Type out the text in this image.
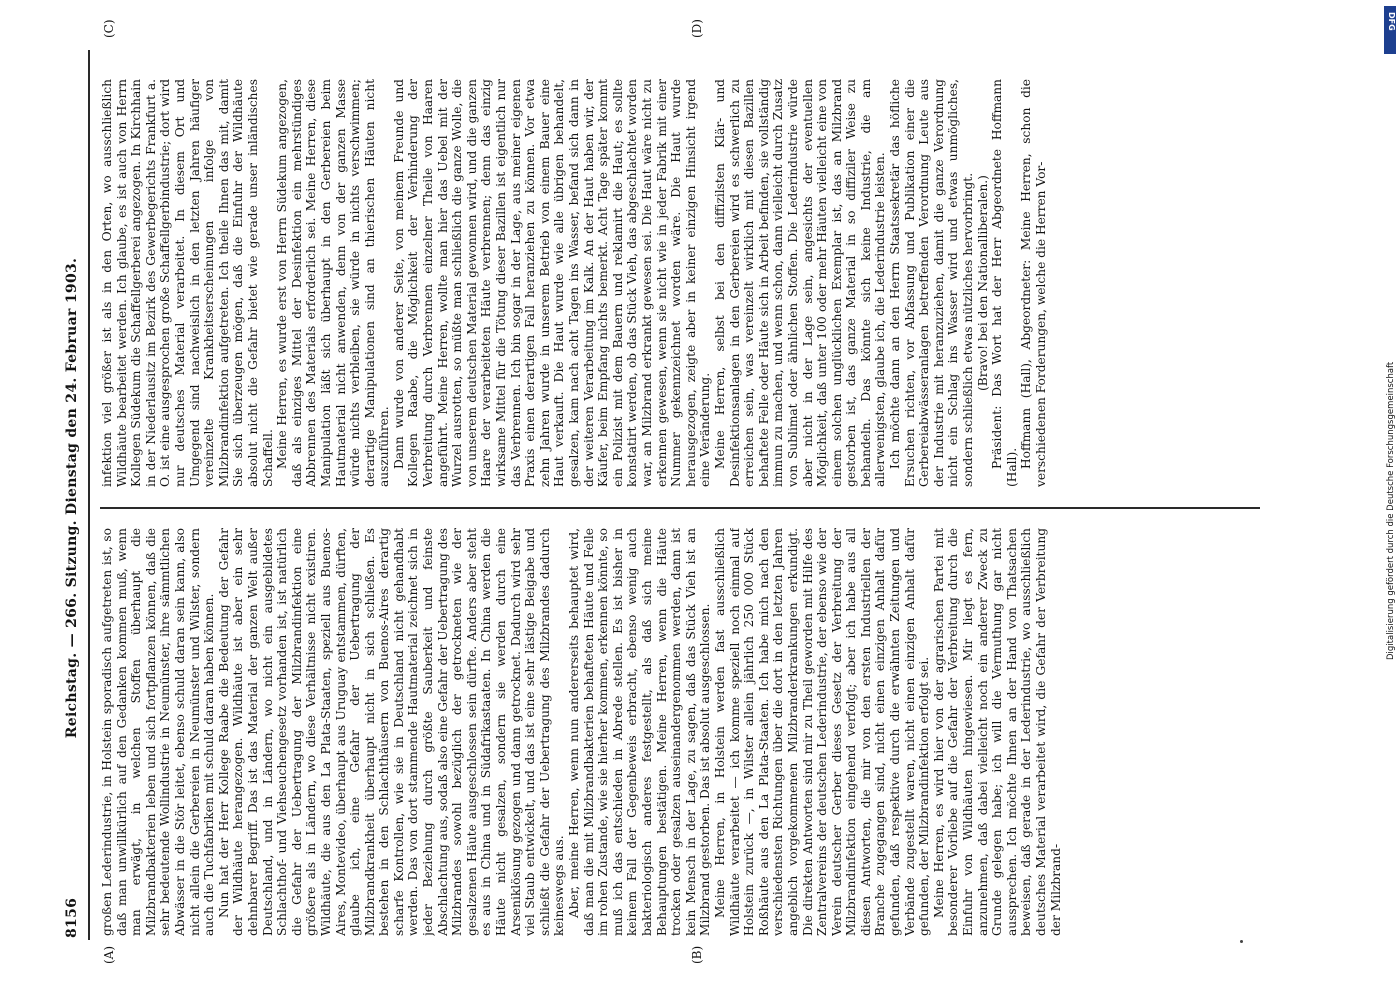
8156
Reichstag. — 266. Sitzung. Dienstag den 24. Februar 1903.
(A)	(B)
(C)	(D)

großen Lederindustrie, in Holstein sporadisch aufgetreten ist, so daß man unwillkürlich auf den Gedanken kommen muß, wenn man erwägt, in welchen Stoffen überhaupt die Milzbrandbakterien leben und sich fortpflanzen können, daß die sehr bedeutende Wollindustrie in Neumünster, ihre sämmtlichen Abwässer in die Stör leitet, ebenso schuld daran sein kann, also nicht allein die Gerbereien in Neumünster und Wilster, sondern auch die Tuchfabriken mit schuld daran haben können. Nun hat der Herr Kollege Raabe die Bedeutung der Gefahr der Wildhäute herangezogen. Wildhäute ist aber ein sehr dehnbarer Begriff. Das ist das Material der ganzen Welt außer Deutschland, und in Ländern, wo nicht ein ausgebildetes Schlachthof- und Viehseuchengesetz vorhanden ist, ist natürlich die Gefahr der Uebertragung der Milzbrandinfektion eine größere als in Ländern, wo diese Verhältnisse nicht existiren. Wildhäute, die aus den La Plata-Staaten, speziell aus Buenos-Aires, Montevideo, überhaupt aus Uruguay entstammen, dürften, glaube ich, eine Gefahr der Uebertragung der Milzbrandkrankheit überhaupt nicht in sich schließen. Es bestehen in den Schlachthäusern von Buenos-Aires derartig scharfe Kontrollen, wie sie in Deutschland nicht gehandhabt werden. Das von dort stammende Hautmaterial zeichnet sich in jeder Beziehung durch größte Sauberkeit und feinste Abschlachtung aus, sodaß also eine Gefahr der Uebertragung des Milzbrandes sowohl bezüglich der getrockneten wie der gesalzenen Häute ausgeschlossen sein dürfte. Anders aber steht es aus in China und in Südafrikastaaten. In China werden die Häute nicht gesalzen, sondern sie werden durch eine Arseniklösung gezogen und dann getrocknet. Dadurch wird sehr viel Staub entwickelt, und das ist eine sehr lästige Beigabe und schließt die Gefahr der Uebertragung des Milzbrandes dadurch keineswegs aus. Aber, meine Herren, wenn nun andererseits behauptet wird, daß man die mit Milzbrandbakterien behafteten Häute und Felle im rohen Zustande, wie sie hierher kommen, erkennen könnte, so muß ich das entschieden in Abrede stellen. Es ist bisher in keinem Fall der Gegenbeweis erbracht, ebenso wenig auch bakteriologisch anderes festgestellt, als daß sich meine Behauptungen bestätigen. Meine Herren, wenn die Häute trocken oder gesalzen auseinandergenommen werden, dann ist kein Mensch in der Lage, zu sagen, daß das Stück Vieh ist an Milzbrand gestorben. Das ist absolut ausgeschlossen. Meine Herren, in Holstein werden fast ausschließlich Wildhäute verarbeitet — ich komme speziell noch einmal auf Holstein zurück —, in Wilster allein jährlich 250 000 Stück Roßhäute aus den La Plata-Staaten. Ich habe mich nach den verschiedensten Richtungen über die dort in den letzten Jahren angeblich vorgekommenen Milzbranderkrankungen erkundigt. Die direkten Antworten sind mir zu Theil geworden mit Hilfe des Zentralvereins der deutschen Lederindustrie, der ebenso wie der Verein deutscher Gerber dieses Gesetz der Verbreitung der Milzbrandinfektion eingehend verfolgt; aber ich habe aus all diesen Antworten, die mir von den ersten Industriellen der Branche zugegangen sind, nicht einen einzigen Anhalt dafür gefunden, daß respektive durch die erwähnten Zeitungen und Verbände zugestellt waren, nicht einen einzigen Anhalt dafür gefunden, der Milzbrandinfektion erfolgt sei. Meine Herren, es wird hier von der agrarischen Partei mit besonderer Vorliebe auf die Gefahr der Verbreitung durch die Einfuhr von Wildhäuten hingewiesen. Mir liegt es fern, anzunehmen, daß dabei vielleicht noch ein anderer Zweck zu Grunde gelegen habe; ich will die Vermuthung gar nicht aussprechen. Ich möchte Ihnen an der Hand von Thatsachen beweisen, daß gerade in der Lederindustrie, wo ausschließlich deutsches Material verarbeitet wird, die Gefahr der Verbreitung der Milzbrand-

infektion viel größer ist als in den Orten, wo ausschließlich Wildhäute bearbeitet werden. Ich glaube, es ist auch von Herrn Kollegen Südekum die Schaffellgerberei angezogen. In Kirchhain in der Niederlausitz im Bezirk des Gewerbegerichts Frankfurt a. O. ist eine ausgesprochen große Schaffellgerbindustrie; dort wird nur deutsches Material verarbeitet. In diesem Ort und Umgegend sind nachweislich in den letzten Jahren häufiger vereinzelte Krankheitserscheinungen infolge von Milzbrandinfektion aufgetreten. Ich theile Ihnen das mit, damit Sie sich überzeugen mögen, daß die Einfuhr der Wildhäute absolut nicht die Gefahr bietet wie gerade unser inländisches Schaffell. Meine Herren, es wurde erst von Herrn Südekum angezogen, daß als einziges Mittel der Desinfektion ein mehrstündiges Abbrennen des Materials erforderlich sei. Meine Herren, diese Manipulation läßt sich überhaupt in den Gerbereien beim Hautmaterial nicht anwenden, denn von der ganzen Masse würde nichts verbleiben, sie würde in nichts verschwimmen; derartige Manipulationen sind an thierischen Häuten nicht auszuführen. Dann wurde von anderer Seite, von meinem Freunde und Kollegen Raabe, die Möglichkeit der Verhinderung der Verbreitung durch Verbrennen einzelner Theile von Haaren angeführt. Meine Herren, wollte man hier das Uebel mit der Wurzel ausrotten, so müßte man schließlich die ganze Wolle, die von unserem deutschen Material gewonnen wird, und die ganzen Haare der verarbeiteten Häute verbrennen; denn das einzig wirksame Mittel für die Tötung dieser Bazillen ist eigentlich nur das Verbrennen. Ich bin sogar in der Lage, aus meiner eigenen Praxis einen derartigen Fall heranziehen zu können. Vor etwa zehn Jahren wurde in unserem Betrieb von einem Bauer eine Haut verkauft. Die Haut wurde wie alle übrigen behandelt, gesalzen, kam nach acht Tagen ins Wasser, befand sich dann in der weiteren Verarbeitung im Kalk. An der Haut haben wir, der Käufer, beim Empfang nichts bemerkt. Acht Tage später kommt ein Polizist mit dem Bauern und reklamirt die Haut; es sollte konstatirt werden, ob das Stück Vieh, das abgeschlachtet worden war, an Milzbrand erkrankt gewesen sei. Die Haut wäre nicht zu erkennen gewesen, wenn sie nicht wie in jeder Fabrik mit einer Nummer gekennzeichnet worden wäre. Die Haut wurde herausgezogen, zeigte aber in keiner einzigen Hinsicht irgend eine Veränderung. Meine Herren, selbst bei den diffizilsten Klär- und Desinfektionsanlagen in den Gerbereien wird es schwerlich zu erreichen sein, was vereinzelt wirklich mit diesen Bazillen behaftete Felle oder Häute sich in Arbeit befinden, sie vollständig immun zu machen, und wenn schon, dann vielleicht durch Zusatz von Sublimat oder ähnlichen Stoffen. Die Lederindustrie würde aber nicht in der Lage sein, angesichts der eventuellen Möglichkeit, daß unter 100 oder mehr Häuten vielleicht eine von einem solchen unglücklichen Exemplar ist, das an Milzbrand gestorben ist, das ganze Material in so diffiziler Weise zu behandeln. Das könnte sich keine Industrie, die am allerwenigsten, glaube ich, die Lederindustrie leisten. Ich möchte dann an den Herrn Staatssekretär das höfliche Ersuchen richten, vor Abfassung und Publikation einer die Gerbereiabwässeranlagen betreffenden Verordnung Leute aus der Industrie mit heranzuziehen, damit die ganze Verordnung nicht ein Schlag ins Wasser wird und etwas unmögliches, sondern schließlich etwas nützliches hervorbringt. (Bravo! bei den Nationalliberalen.) Präsident: Das Wort hat der Herr Abgeordnete Hoffmann (Hall). Hoffmann (Hall), Abgeordneter: Meine Herren, schon die verschiedenen Forderungen, welche die Herren Vor-

DFG
Digitalisierung gefördert durch die Deutsche Forschungsgemeinschaft
